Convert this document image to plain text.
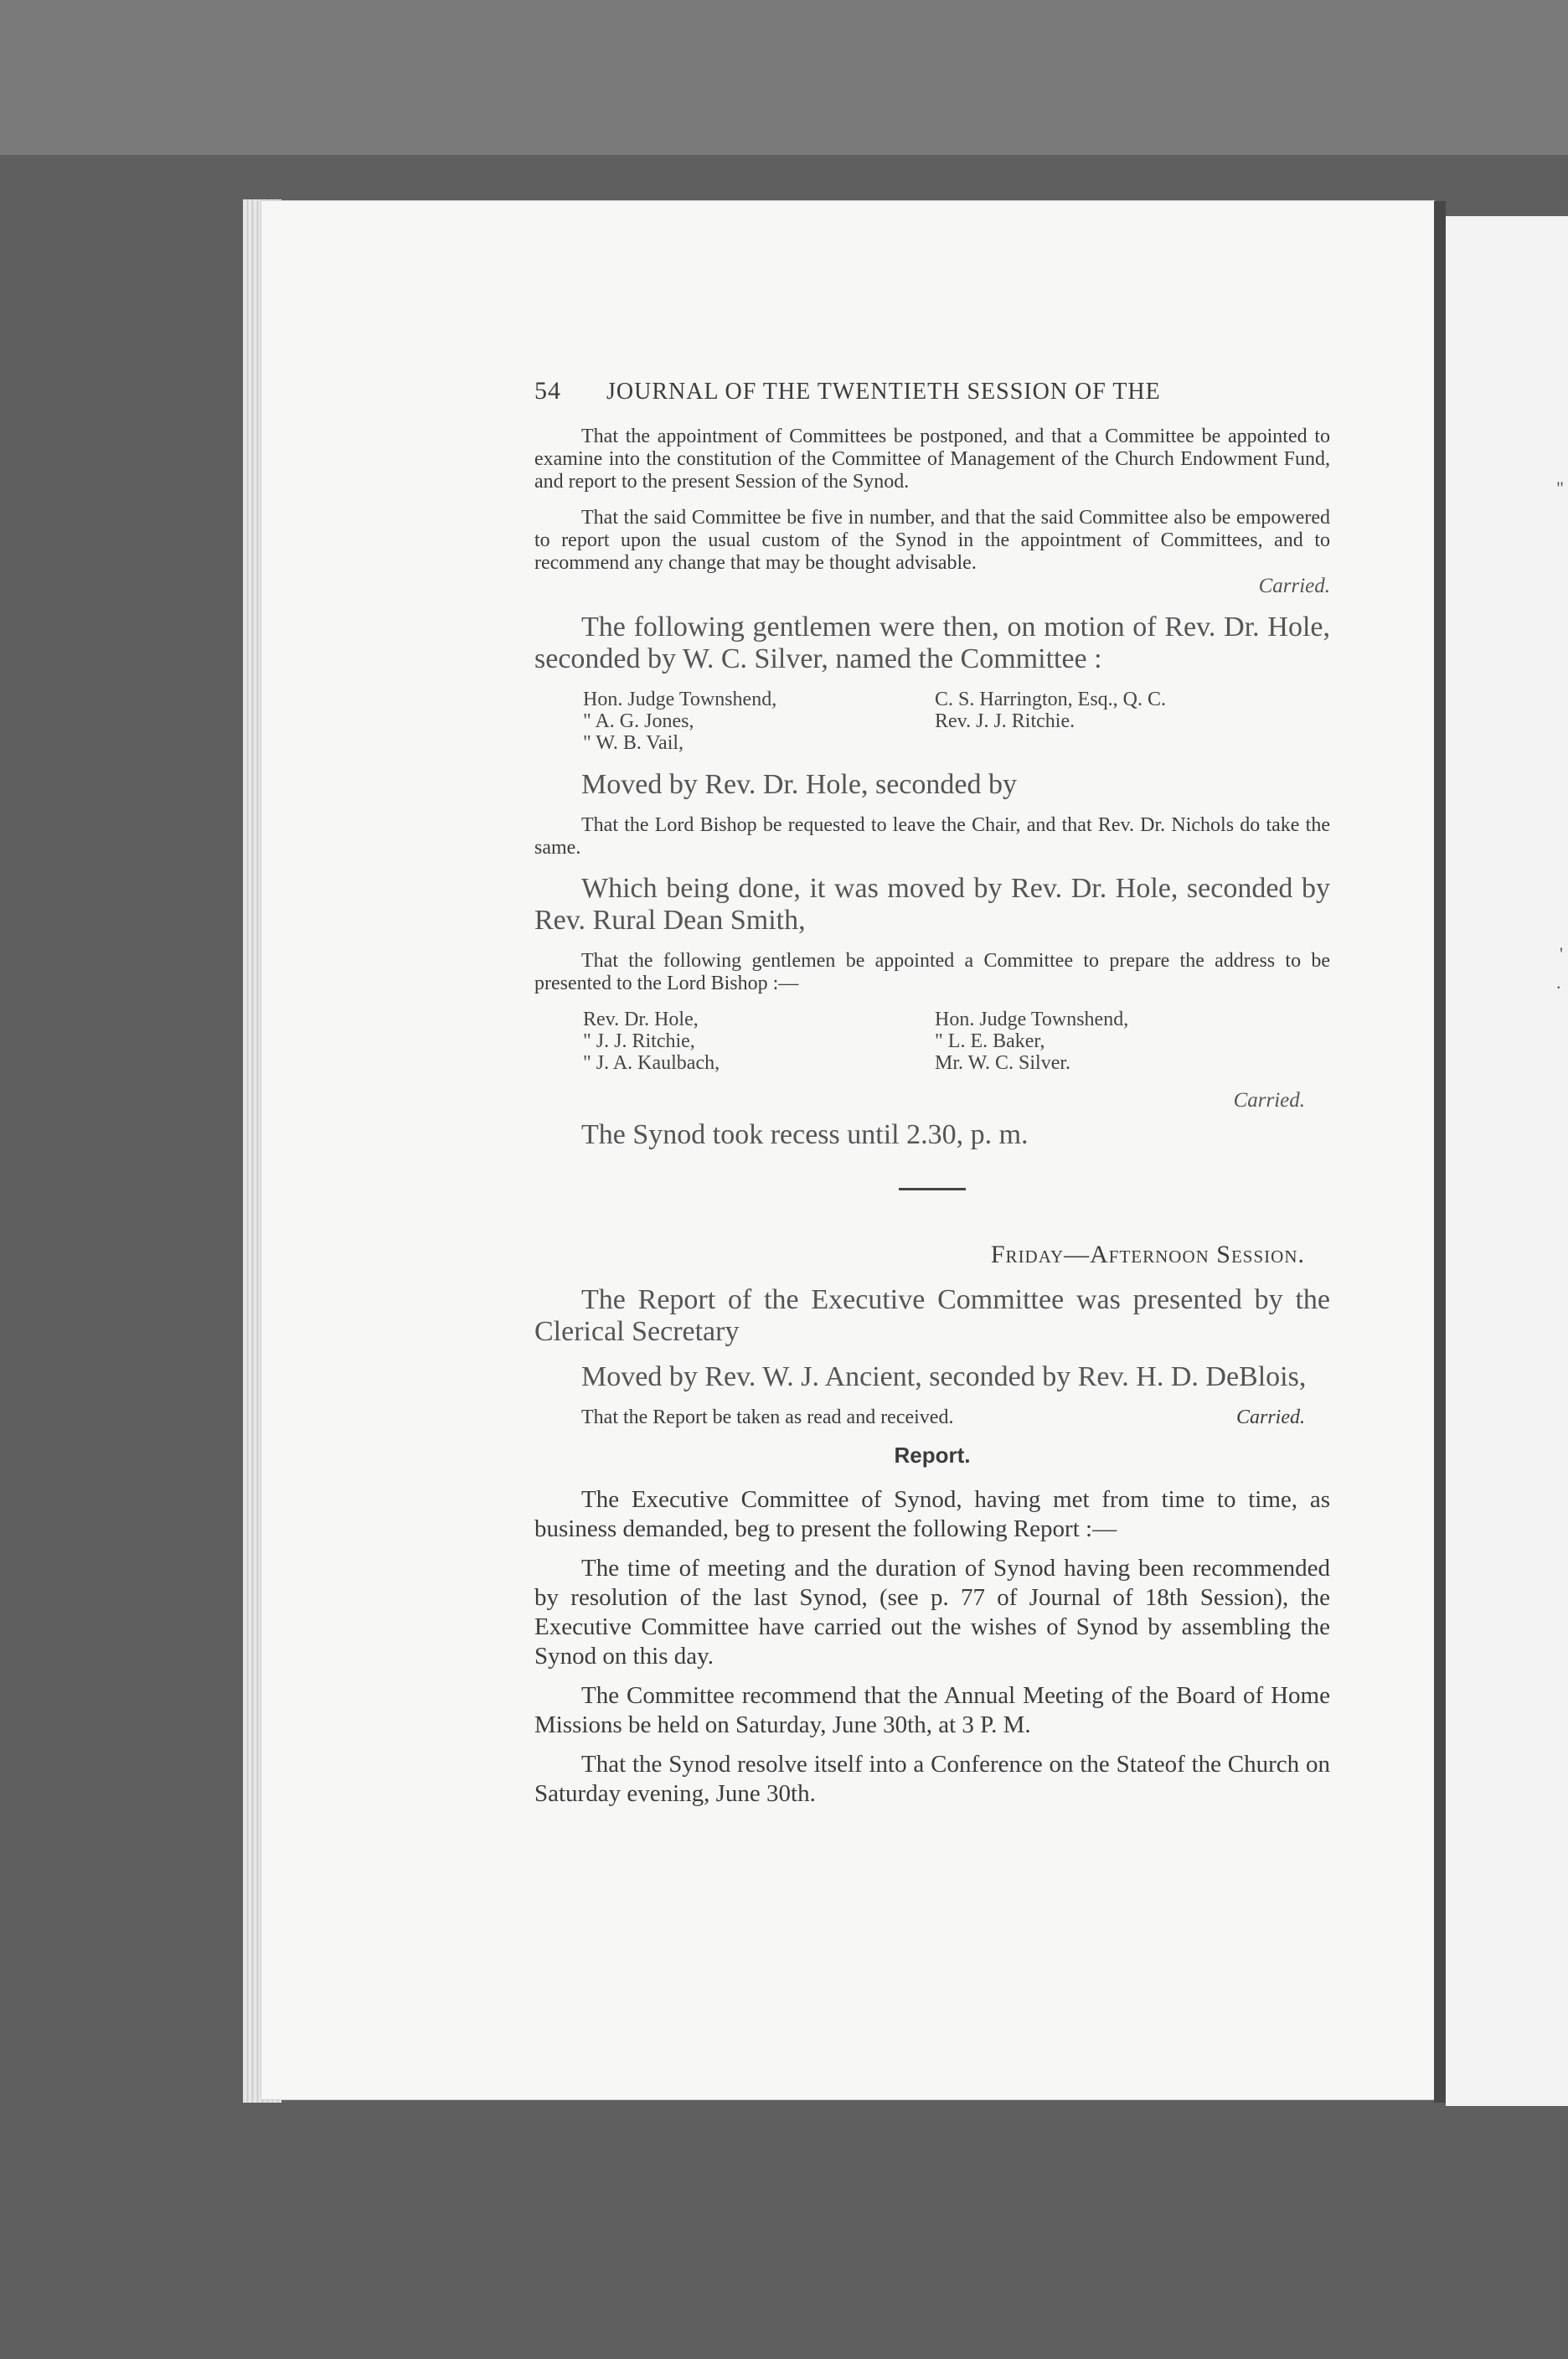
"
'
.
54	JOURNAL OF THE TWENTIETH SESSION OF THE

That the appointment of Committees be postponed, and that a Committee be appointed to examine into the constitution of the Committee of Management of the Church Endowment Fund, and report to the present Session of the Synod.

That the said Committee be five in number, and that the said Committee also be empowered to report upon the usual custom of the Synod in the appointment of Committees, and to recommend any change that may be thought advisable.

Carried.

The following gentlemen were then, on motion of Rev. Dr. Hole, seconded by W. C. Silver, named the Committee :

Hon. Judge Townshend,
" A. G. Jones,
" W. B. Vail,
C. S. Harrington, Esq., Q. C.
Rev. J. J. Ritchie.

Moved by Rev. Dr. Hole, seconded by

That the Lord Bishop be requested to leave the Chair, and that Rev. Dr. Nichols do take the same.

Which being done, it was moved by Rev. Dr. Hole, seconded by Rev. Rural Dean Smith,

That the following gentlemen be appointed a Committee to prepare the address to be presented to the Lord Bishop :—

Rev. Dr. Hole,
" J. J. Ritchie,
" J. A. Kaulbach,
Hon. Judge Townshend,
" L. E. Baker,
Mr. W. C. Silver.
Carried.
The Synod took recess until 2.30, p. m.
Friday—Afternoon Session.

The Report of the Executive Committee was presented by the Clerical Secretary

Moved by Rev. W. J. Ancient, seconded by Rev. H. D. DeBlois,

That the Report be taken as read and received.	Carried.

Report.

The Executive Committee of Synod, having met from time to time, as business demanded, beg to present the following Report :—

The time of meeting and the duration of Synod having been recommended by resolution of the last Synod, (see p. 77 of Journal of 18th Session), the Executive Committee have carried out the wishes of Synod by assembling the Synod on this day.

The Committee recommend that the Annual Meeting of the Board of Home Missions be held on Saturday, June 30th, at 3 P. M.

That the Synod resolve itself into a Conference on the Stateof the Church on Saturday evening, June 30th.
